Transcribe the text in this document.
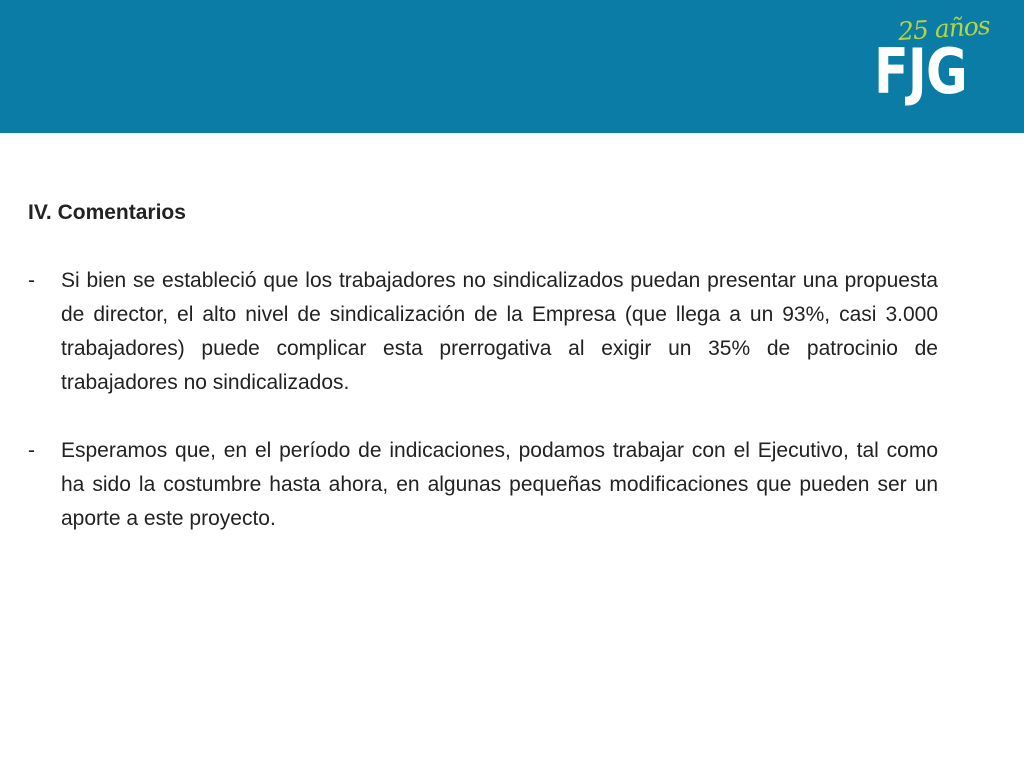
25 años
FJG
IV. Comentarios
-	Si bien se estableció que los trabajadores no sindicalizados puedan presentar una propuesta de director, el alto nivel de sindicalización de la Empresa (que llega a un 93%, casi 3.000 trabajadores) puede complicar esta prerrogativa al exigir un 35% de patrocinio de trabajadores no sindicalizados.
-	Esperamos que, en el período de indicaciones, podamos trabajar con el Ejecutivo, tal como ha sido la costumbre hasta ahora, en algunas pequeñas modificaciones que pueden ser un aporte a este proyecto.
